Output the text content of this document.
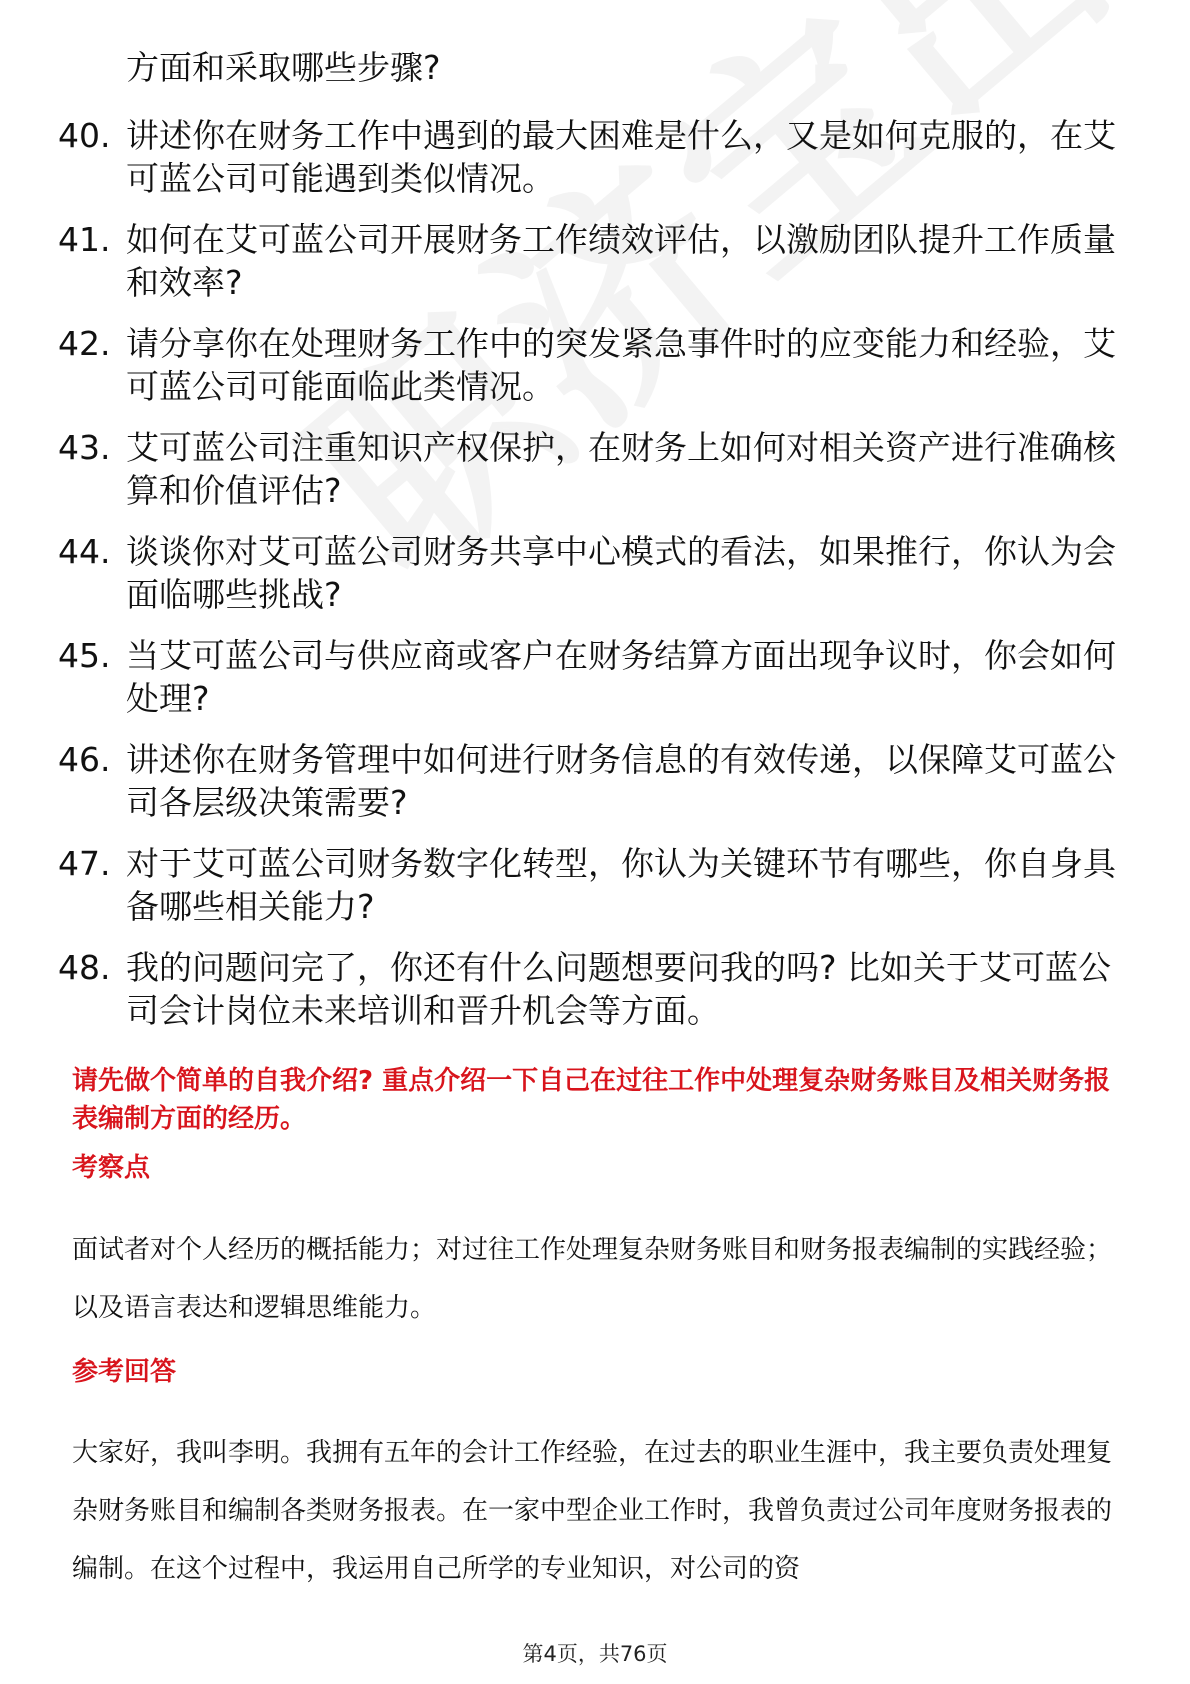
方面和采取哪些步骤?
40. 讲述你在财务工作中遇到的最大困难是什么，又是如何克服的，在艾可蓝公司可能遇到类似情况。
41. 如何在艾可蓝公司开展财务工作绩效评估，以激励团队提升工作质量和效率?
42. 请分享你在处理财务工作中的突发紧急事件时的应变能力和经验，艾可蓝公司可能面临此类情况。
43. 艾可蓝公司注重知识产权保护，在财务上如何对相关资产进行准确核算和价值评估?
44. 谈谈你对艾可蓝公司财务共享中心模式的看法，如果推行，你认为会面临哪些挑战?
45. 当艾可蓝公司与供应商或客户在财务结算方面出现争议时，你会如何处理?
46. 讲述你在财务管理中如何进行财务信息的有效传递，以保障艾可蓝公司各层级决策需要?
47. 对于艾可蓝公司财务数字化转型，你认为关键环节有哪些，你自身具备哪些相关能力?
48. 我的问题问完了，你还有什么问题想要问我的吗? 比如关于艾可蓝公司会计岗位未来培训和晋升机会等方面。
请先做个简单的自我介绍? 重点介绍一下自己在过往工作中处理复杂财务账目及相关财务报表编制方面的经历。
考察点
面试者对个人经历的概括能力；对过往工作处理复杂财务账目和财务报表编制的实践经验；以及语言表达和逻辑思维能力。
参考回答
大家好，我叫李明。我拥有五年的会计工作经验，在过去的职业生涯中，我主要负责处理复杂财务账目和编制各类财务报表。在一家中型企业工作时，我曾负责过公司年度财务报表的编制。在这个过程中，我运用自己所学的专业知识，对公司的资
第4页，共76页
